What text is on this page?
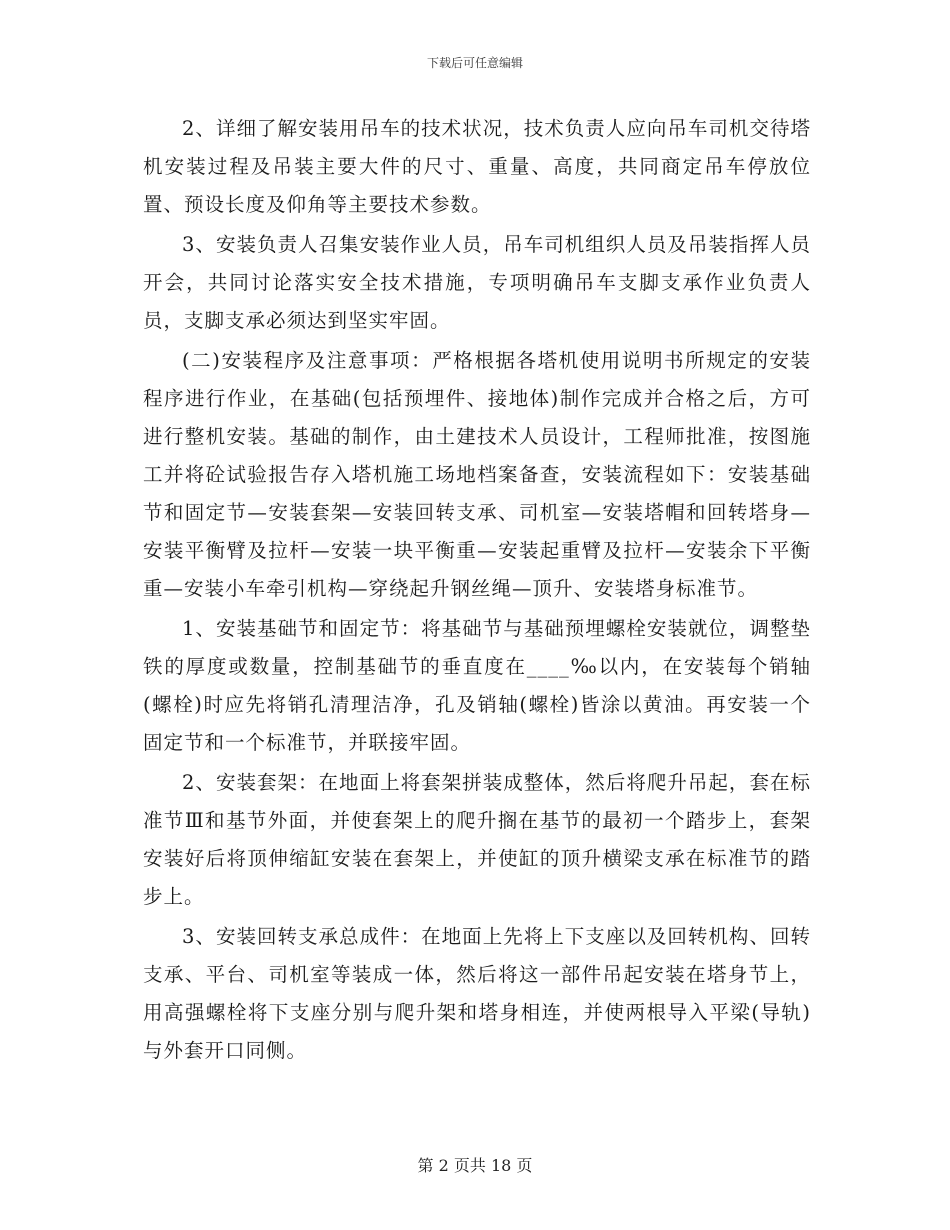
下载后可任意编辑

2、详细了解安装用吊车的技术状况，技术负责人应向吊车司机交待塔机安装过程及吊装主要大件的尺寸、重量、高度，共同商定吊车停放位置、预设长度及仰角等主要技术参数。

3、安装负责人召集安装作业人员，吊车司机组织人员及吊装指挥人员开会，共同讨论落实安全技术措施，专项明确吊车支脚支承作业负责人员，支脚支承必须达到坚实牢固。

(二)安装程序及注意事项：严格根据各塔机使用说明书所规定的安装程序进行作业，在基础(包括预埋件、接地体)制作完成并合格之后，方可进行整机安装。基础的制作，由土建技术人员设计，工程师批准，按图施工并将砼试验报告存入塔机施工场地档案备查，安装流程如下：安装基础节和固定节—安装套架—安装回转支承、司机室—安装塔帽和回转塔身—安装平衡臂及拉杆—安装一块平衡重—安装起重臂及拉杆—安装余下平衡重—安装小车牵引机构—穿绕起升钢丝绳—顶升、安装塔身标准节。

1、安装基础节和固定节：将基础节与基础预埋螺栓安装就位，调整垫铁的厚度或数量，控制基础节的垂直度在____‰以内，在安装每个销轴(螺栓)时应先将销孔清理洁净，孔及销轴(螺栓)皆涂以黄油。再安装一个固定节和一个标准节，并联接牢固。

2、安装套架：在地面上将套架拼装成整体，然后将爬升吊起，套在标准节Ⅲ和基节外面，并使套架上的爬升搁在基节的最初一个踏步上，套架安装好后将顶伸缩缸安装在套架上，并使缸的顶升横梁支承在标准节的踏步上。

3、安装回转支承总成件：在地面上先将上下支座以及回转机构、回转支承、平台、司机室等装成一体，然后将这一部件吊起安装在塔身节上，用高强螺栓将下支座分别与爬升架和塔身相连，并使两根导入平梁(导轨)与外套开口同侧。

第 2 页共 18 页
